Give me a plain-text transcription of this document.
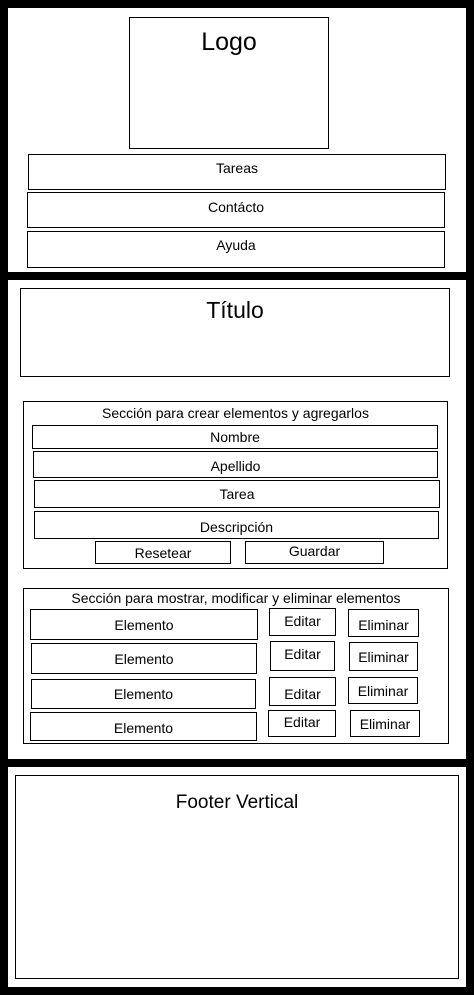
Logo
Tareas
Contácto
Ayuda
Título
Sección para crear elementos y agregarlos
Nombre
Apellido
Tarea
Descripción
Resetear	Guardar
Sección para mostrar, modificar y eliminar elementos
Elemento	Editar	Eliminar
Elemento	Editar	Eliminar
Elemento	Editar	Eliminar
Elemento	Editar	Eliminar
Footer Vertical
